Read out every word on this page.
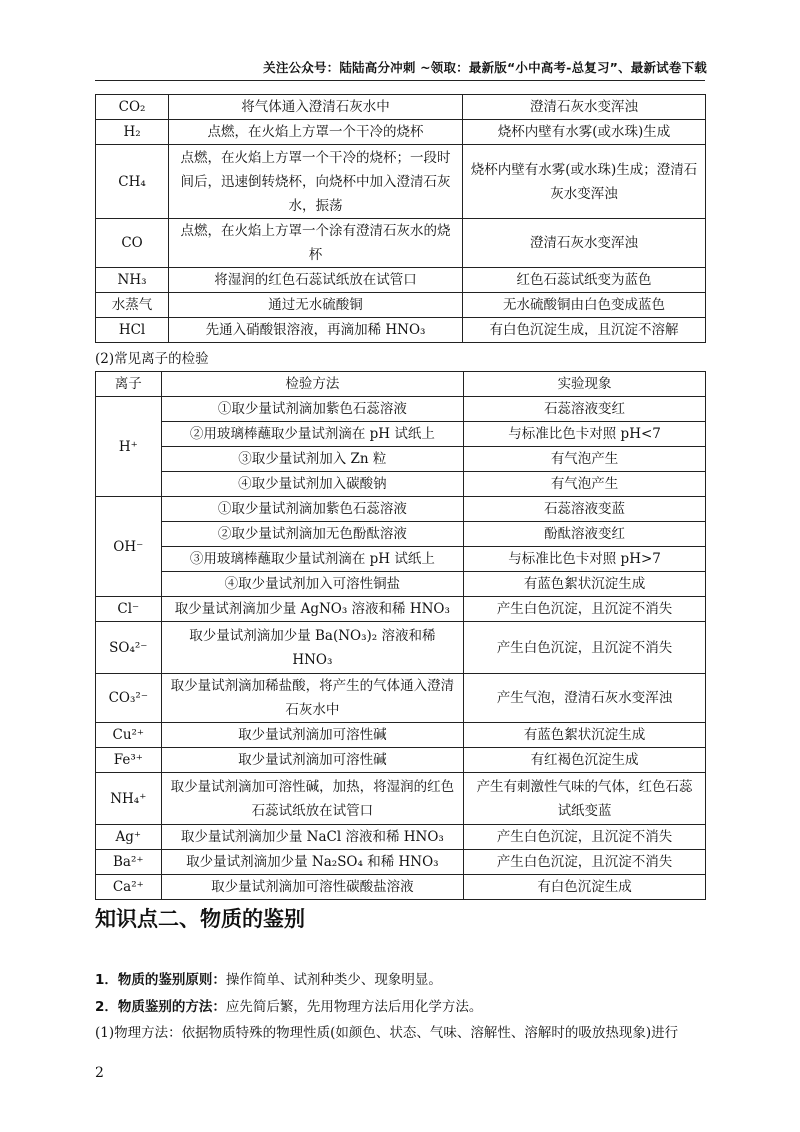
关注公众号：陆陆高分冲刺 ~领取：最新版“小中高考-总复习”、最新试卷下载
CO₂	将气体通入澄清石灰水中	澄清石灰水变浑浊
H₂	点燃，在火焰上方罩一个干冷的烧杯	烧杯内壁有水雾(或水珠)生成
CH₄	点燃，在火焰上方罩一个干冷的烧杯；一段时间后，迅速倒转烧杯，向烧杯中加入澄清石灰水，振荡	烧杯内壁有水雾(或水珠)生成；澄清石灰水变浑浊
CO	点燃，在火焰上方罩一个涂有澄清石灰水的烧杯	澄清石灰水变浑浊
NH₃	将湿润的红色石蕊试纸放在试管口	红色石蕊试纸变为蓝色
水蒸气	通过无水硫酸铜	无水硫酸铜由白色变成蓝色
HCl	先通入硝酸银溶液，再滴加稀 HNO₃	有白色沉淀生成，且沉淀不溶解
(2)常见离子的检验
离子	检验方法	实验现象
H⁺	①取少量试剂滴加紫色石蕊溶液	石蕊溶液变红
	②用玻璃棒蘸取少量试剂滴在 pH 试纸上	与标准比色卡对照 pH<7
	③取少量试剂加入 Zn 粒	有气泡产生
	④取少量试剂加入碳酸钠	有气泡产生
OH⁻	①取少量试剂滴加紫色石蕊溶液	石蕊溶液变蓝
	②取少量试剂滴加无色酚酞溶液	酚酞溶液变红
	③用玻璃棒蘸取少量试剂滴在 pH 试纸上	与标准比色卡对照 pH>7
	④取少量试剂加入可溶性铜盐	有蓝色絮状沉淀生成
Cl⁻	取少量试剂滴加少量 AgNO₃ 溶液和稀 HNO₃	产生白色沉淀，且沉淀不消失
SO₄²⁻	取少量试剂滴加少量 Ba(NO₃)₂ 溶液和稀 HNO₃	产生白色沉淀，且沉淀不消失
CO₃²⁻	取少量试剂滴加稀盐酸，将产生的气体通入澄清石灰水中	产生气泡，澄清石灰水变浑浊
Cu²⁺	取少量试剂滴加可溶性碱	有蓝色絮状沉淀生成
Fe³⁺	取少量试剂滴加可溶性碱	有红褐色沉淀生成
NH₄⁺	取少量试剂滴加可溶性碱，加热，将湿润的红色石蕊试纸放在试管口	产生有刺激性气味的气体，红色石蕊试纸变蓝
Ag⁺	取少量试剂滴加少量 NaCl 溶液和稀 HNO₃	产生白色沉淀，且沉淀不消失
Ba²⁺	取少量试剂滴加少量 Na₂SO₄ 和稀 HNO₃	产生白色沉淀，且沉淀不消失
Ca²⁺	取少量试剂滴加可溶性碳酸盐溶液	有白色沉淀生成
知识点二、物质的鉴别
1．物质的鉴别原则：操作简单、试剂种类少、现象明显。
2．物质鉴别的方法：应先简后繁，先用物理方法后用化学方法。
(1)物理方法：依据物质特殊的物理性质(如颜色、状态、气味、溶解性、溶解时的吸放热现象)进行
2
